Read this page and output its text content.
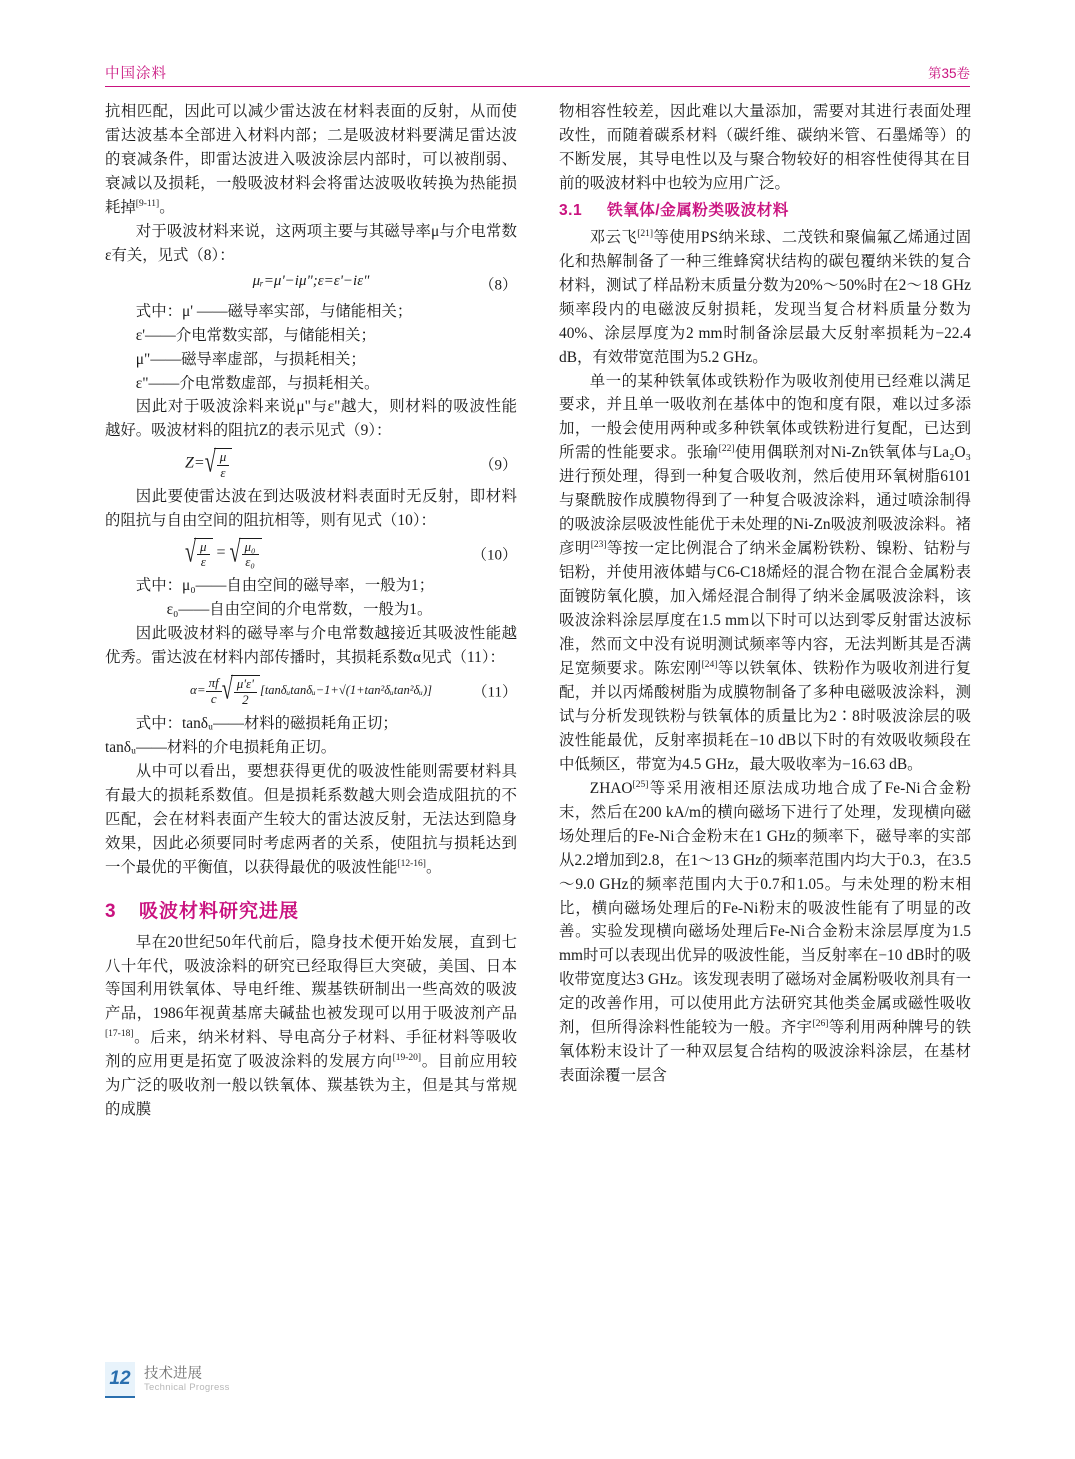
中国涂料	第35卷

抗相匹配，因此可以减少雷达波在材料表面的反射，从而使雷达波基本全部进入材料内部；二是吸波材料要满足雷达波的衰减条件，即雷达波进入吸波涂层内部时，可以被削弱、衰减以及损耗，一般吸波材料会将雷达波吸收转换为热能损耗掉[9-11]。

对于吸波材料来说，这两项主要与其磁导率μ与介电常数ε有关，见式（8）：

μᵣ=μ'−iμ";ε=ε'−iε"	（8）
式中：μ' ——磁导率实部，与储能相关；
ε'——介电常数实部，与储能相关；
μ"——磁导率虚部，与损耗相关；
ε"——介电常数虚部，与损耗相关。

因此对于吸波涂料来说μ"与ε"越大，则材料的吸波性能越好。吸波材料的阻抗Z的表示见式（9）：

$Z=√ \frac{\mu}{\varepsilon}$	（9）

因此要使雷达波在到达吸波材料表面时无反射，即材料的阻抗与自由空间的阻抗相等，则有见式（10）：

√ $\frac{\mu}{\varepsilon}$ = √ $\frac{\text{μ₀}}{\text{ε₀}}$	（10）
式中：μ₀——自由空间的磁导率，一般为1；
ε₀——自由空间的介电常数，一般为1。

因此吸波材料的磁导率与介电常数越接近其吸波性能越优秀。雷达波在材料内部传播时，其损耗系数α见式（11）：

$\alpha= \frac{\pi f}{c}$ √ $\frac{\mu'\varepsilon'}{2}$ [tanδᵤtanδᵤ−1+√(1+tan²δᵤtan²δᵤ)]	（11）
式中：tanδᵤ——材料的磁损耗角正切；
tanδᵤ——材料的介电损耗角正切。

从中可以看出，要想获得更优的吸波性能则需要材料具有最大的损耗系数值。但是损耗系数越大则会造成阻抗的不匹配，会在材料表面产生较大的雷达波反射，无法达到隐身效果，因此必须要同时考虑两者的关系，使阻抗与损耗达到一个最优的平衡值，以获得最优的吸波性能[12-16]。

3 吸波材料研究进展

早在20世纪50年代前后，隐身技术便开始发展，直到七八十年代，吸波涂料的研究已经取得巨大突破，美国、日本等国利用铁氧体、导电纤维、羰基铁研制出一些高效的吸波产品，1986年视黄基席夫碱盐也被发现可以用于吸波剂产品[17-18]。后来，纳米材料、导电高分子材料、手征材料等吸收剂的应用更是拓宽了吸波涂料的发展方向[19-20]。目前应用较为广泛的吸收剂一般以铁氧体、羰基铁为主，但是其与常规的成膜

物相容性较差，因此难以大量添加，需要对其进行表面处理改性，而随着碳系材料（碳纤维、碳纳米管、石墨烯等）的不断发展，其导电性以及与聚合物较好的相容性使得其在目前的吸波材料中也较为应用广泛。

3.1 铁氧体/金属粉类吸波材料

邓云飞[21]等使用PS纳米球、二茂铁和聚偏氟乙烯通过固化和热解制备了一种三维蜂窝状结构的碳包覆纳米铁的复合材料，测试了样品粉末质量分数为20%～50%时在2～18 GHz频率段内的电磁波反射损耗，发现当复合材料质量分数为40%、涂层厚度为2 mm时制备涂层最大反射率损耗为−22.4 dB，有效带宽范围为5.2 GHz。

单一的某种铁氧体或铁粉作为吸收剂使用已经难以满足要求，并且单一吸收剂在基体中的饱和度有限，难以过多添加，一般会使用两种或多种铁氧体或铁粉进行复配，已达到所需的性能要求。张瑜[22]使用偶联剂对Ni-Zn铁氧体与La₂O₃进行预处理，得到一种复合吸收剂，然后使用环氧树脂6101与聚酰胺作成膜物得到了一种复合吸波涂料，通过喷涂制得的吸波涂层吸波性能优于未处理的Ni-Zn吸波剂吸波涂料。褚彦明[23]等按一定比例混合了纳米金属粉铁粉、镍粉、钴粉与铝粉，并使用液体蜡与C6-C18烯烃的混合物在混合金属粉表面镀防氧化膜，加入烯烃混合制得了纳米金属吸波涂料，该吸波涂料涂层厚度在1.5 mm以下时可以达到零反射雷达波标准，然而文中没有说明测试频率等内容，无法判断其是否满足宽频要求。陈宏刚[24]等以铁氧体、铁粉作为吸收剂进行复配，并以丙烯酸树脂为成膜物制备了多种电磁吸波涂料，测试与分析发现铁粉与铁氧体的质量比为2∶8时吸波涂层的吸波性能最优，反射率损耗在−10 dB以下时的有效吸收频段在中低频区，带宽为4.5 GHz，最大吸收率为−16.63 dB。

ZHAO[25]等采用液相还原法成功地合成了Fe-Ni合金粉末，然后在200 kA/m的横向磁场下进行了处理，发现横向磁场处理后的Fe-Ni合金粉末在1 GHz的频率下，磁导率的实部从2.2增加到2.8，在1～13 GHz的频率范围内均大于0.3，在3.5～9.0 GHz的频率范围内大于0.7和1.05。与未处理的粉末相比，横向磁场处理后的Fe-Ni粉末的吸波性能有了明显的改善。实验发现横向磁场处理后Fe-Ni合金粉末涂层厚度为1.5 mm时可以表现出优异的吸波性能，当反射率在−10 dB时的吸收带宽度达3 GHz。该发现表明了磁场对金属粉吸收剂具有一定的改善作用，可以使用此方法研究其他类金属或磁性吸收剂，但所得涂料性能较为一般。齐宇[26]等利用两种牌号的铁氧体粉末设计了一种双层复合结构的吸波涂料涂层，在基材表面涂覆一层含

12 技术进展
Technical Progress
